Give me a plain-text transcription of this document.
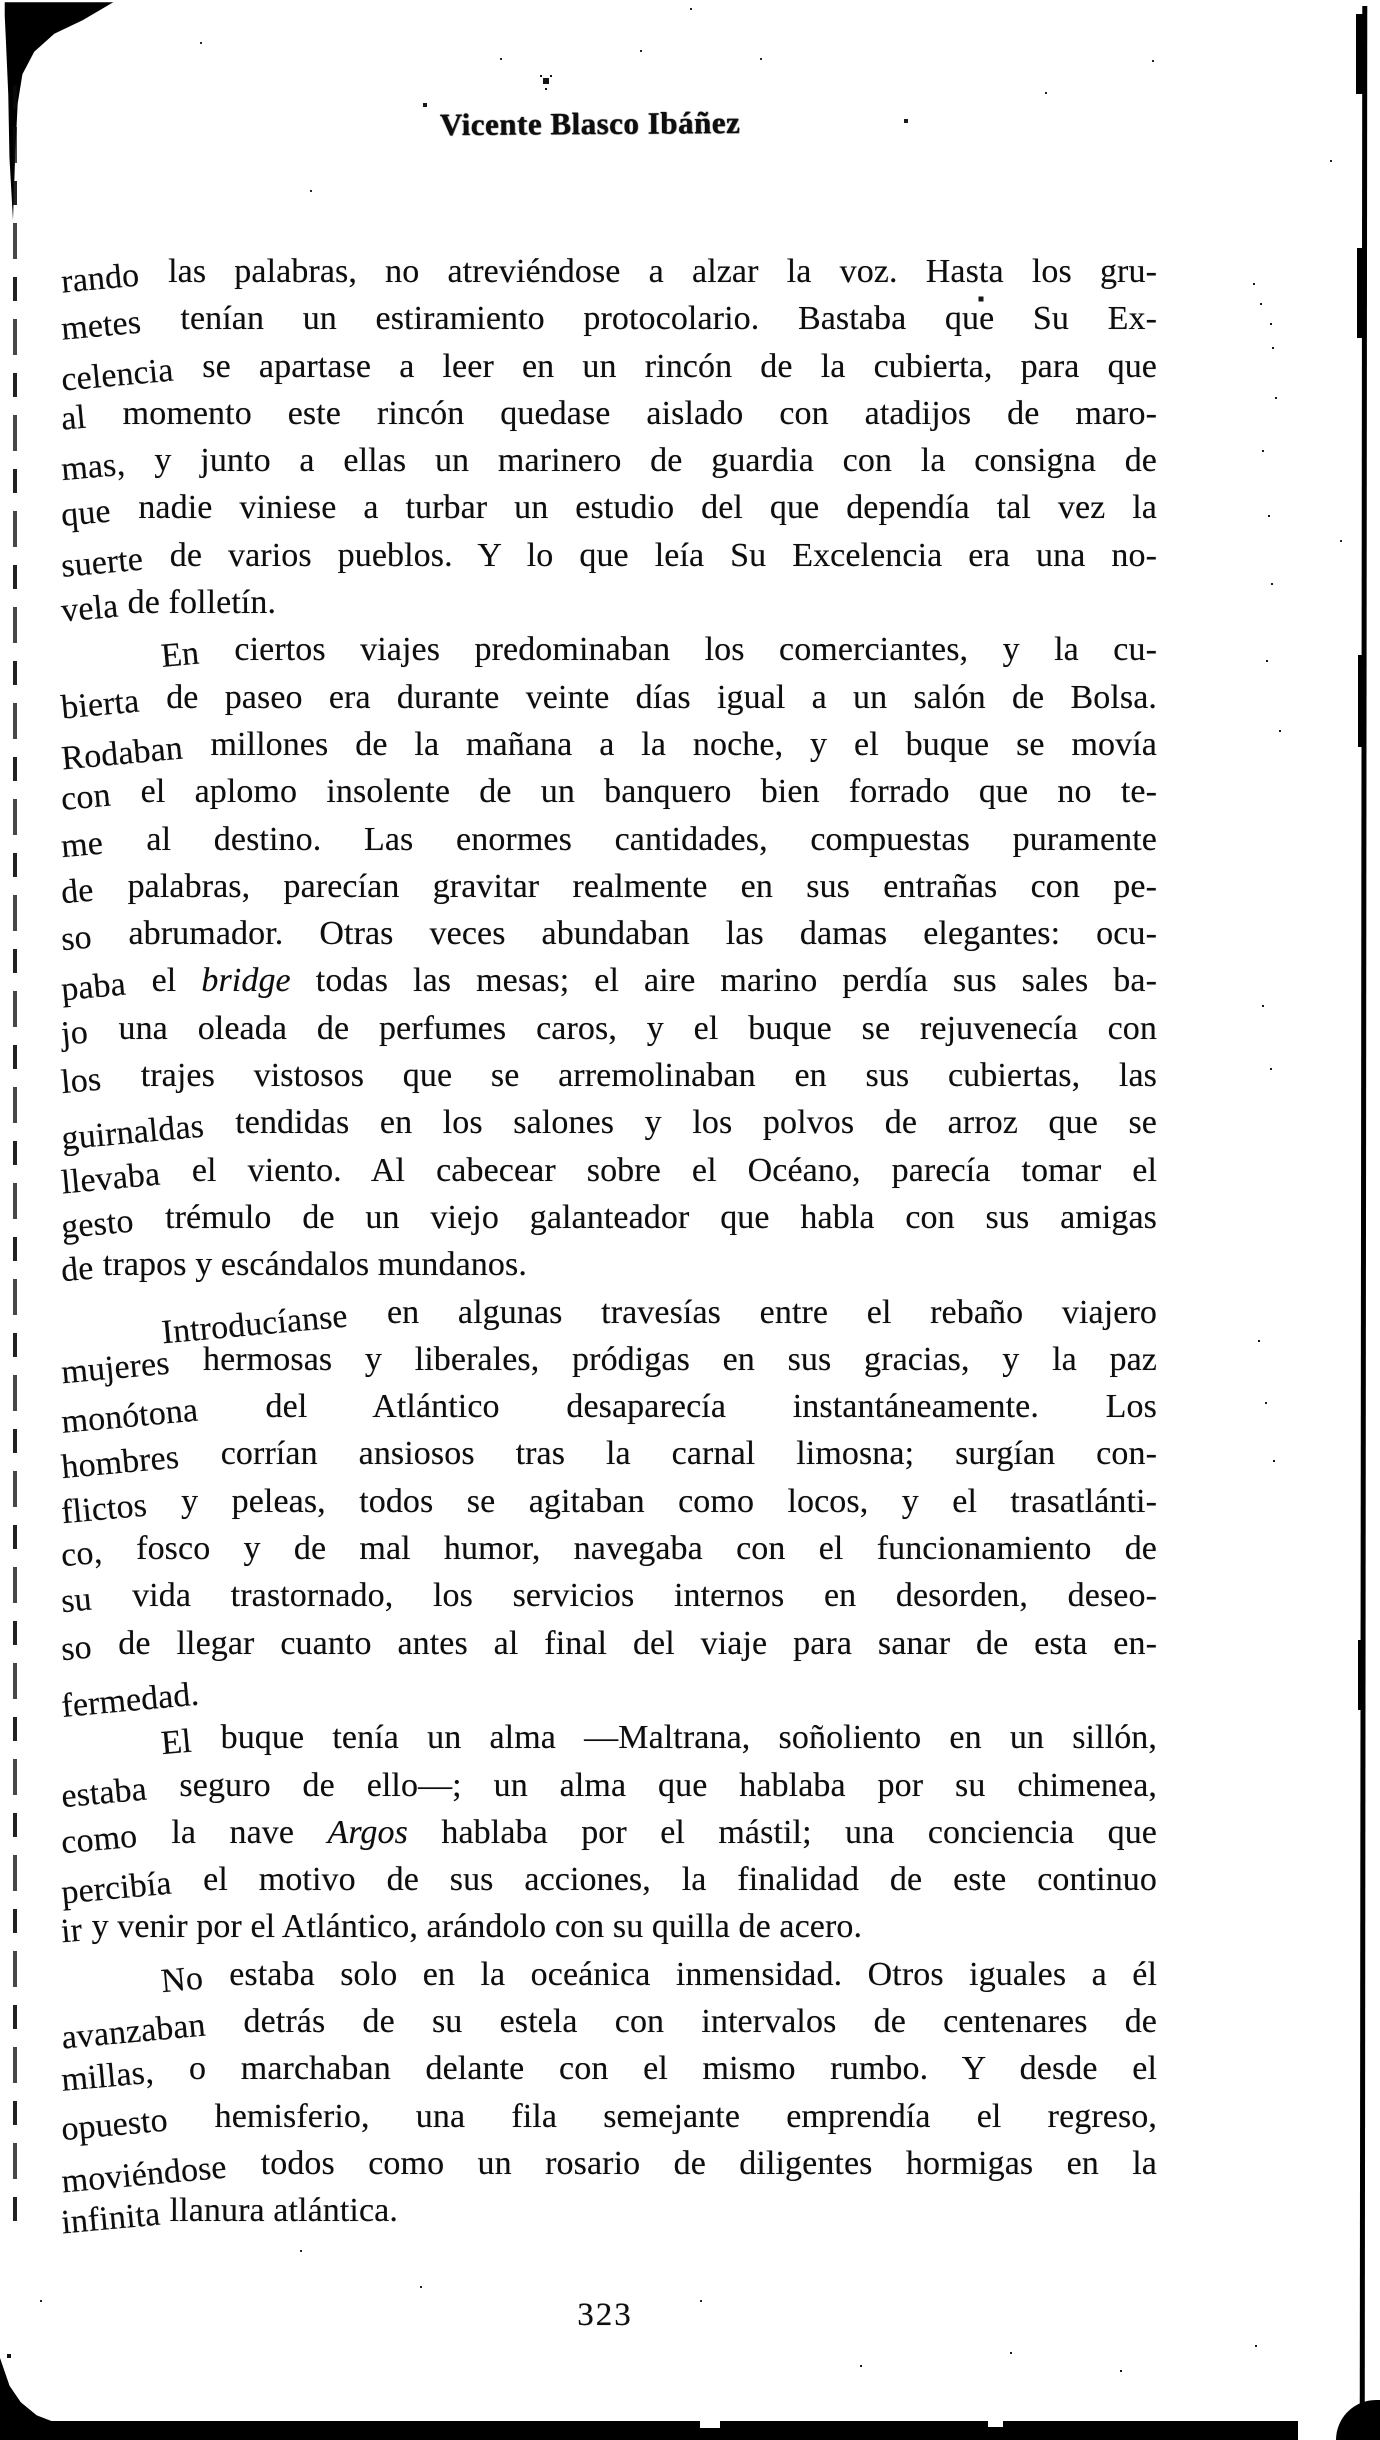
Vicente Blasco Ibáñez
rando las palabras, no atreviéndose a alzar la voz. Hasta los gru-
metes tenían un estiramiento protocolario. Bastaba que Su Ex-
celencia se apartase a leer en un rincón de la cubierta, para que
al momento este rincón quedase aislado con atadijos de maro-
mas, y junto a ellas un marinero de guardia con la consigna de
que nadie viniese a turbar un estudio del que dependía tal vez la
suerte de varios pueblos. Y lo que leía Su Excelencia era una no-
vela de folletín.
En ciertos viajes predominaban los comerciantes, y la cu-
bierta de paseo era durante veinte días igual a un salón de Bolsa.
Rodaban millones de la mañana a la noche, y el buque se movía
con el aplomo insolente de un banquero bien forrado que no te-
me al destino. Las enormes cantidades, compuestas puramente
de palabras, parecían gravitar realmente en sus entrañas con pe-
so abrumador. Otras veces abundaban las damas elegantes: ocu-
paba el bridge todas las mesas; el aire marino perdía sus sales ba-
jo una oleada de perfumes caros, y el buque se rejuvenecía con
los trajes vistosos que se arremolinaban en sus cubiertas, las
guirnaldas tendidas en los salones y los polvos de arroz que se
llevaba el viento. Al cabecear sobre el Océano, parecía tomar el
gesto trémulo de un viejo galanteador que habla con sus amigas
de trapos y escándalos mundanos.
Introducíanse en algunas travesías entre el rebaño viajero
mujeres hermosas y liberales, pródigas en sus gracias, y la paz
monótona del Atlántico desaparecía instantáneamente. Los
hombres corrían ansiosos tras la carnal limosna; surgían con-
flictos y peleas, todos se agitaban como locos, y el trasatlánti-
co, fosco y de mal humor, navegaba con el funcionamiento de
su vida trastornado, los servicios internos en desorden, deseo-
so de llegar cuanto antes al final del viaje para sanar de esta en-
fermedad.
El buque tenía un alma —Maltrana, soñoliento en un sillón,
estaba seguro de ello—; un alma que hablaba por su chimenea,
como la nave Argos hablaba por el mástil; una conciencia que
percibía el motivo de sus acciones, la finalidad de este continuo
ir y venir por el Atlántico, arándolo con su quilla de acero.
No estaba solo en la oceánica inmensidad. Otros iguales a él
avanzaban detrás de su estela con intervalos de centenares de
millas, o marchaban delante con el mismo rumbo. Y desde el
opuesto hemisferio, una fila semejante emprendía el regreso,
moviéndose todos como un rosario de diligentes hormigas en la
infinita llanura atlántica.
323
